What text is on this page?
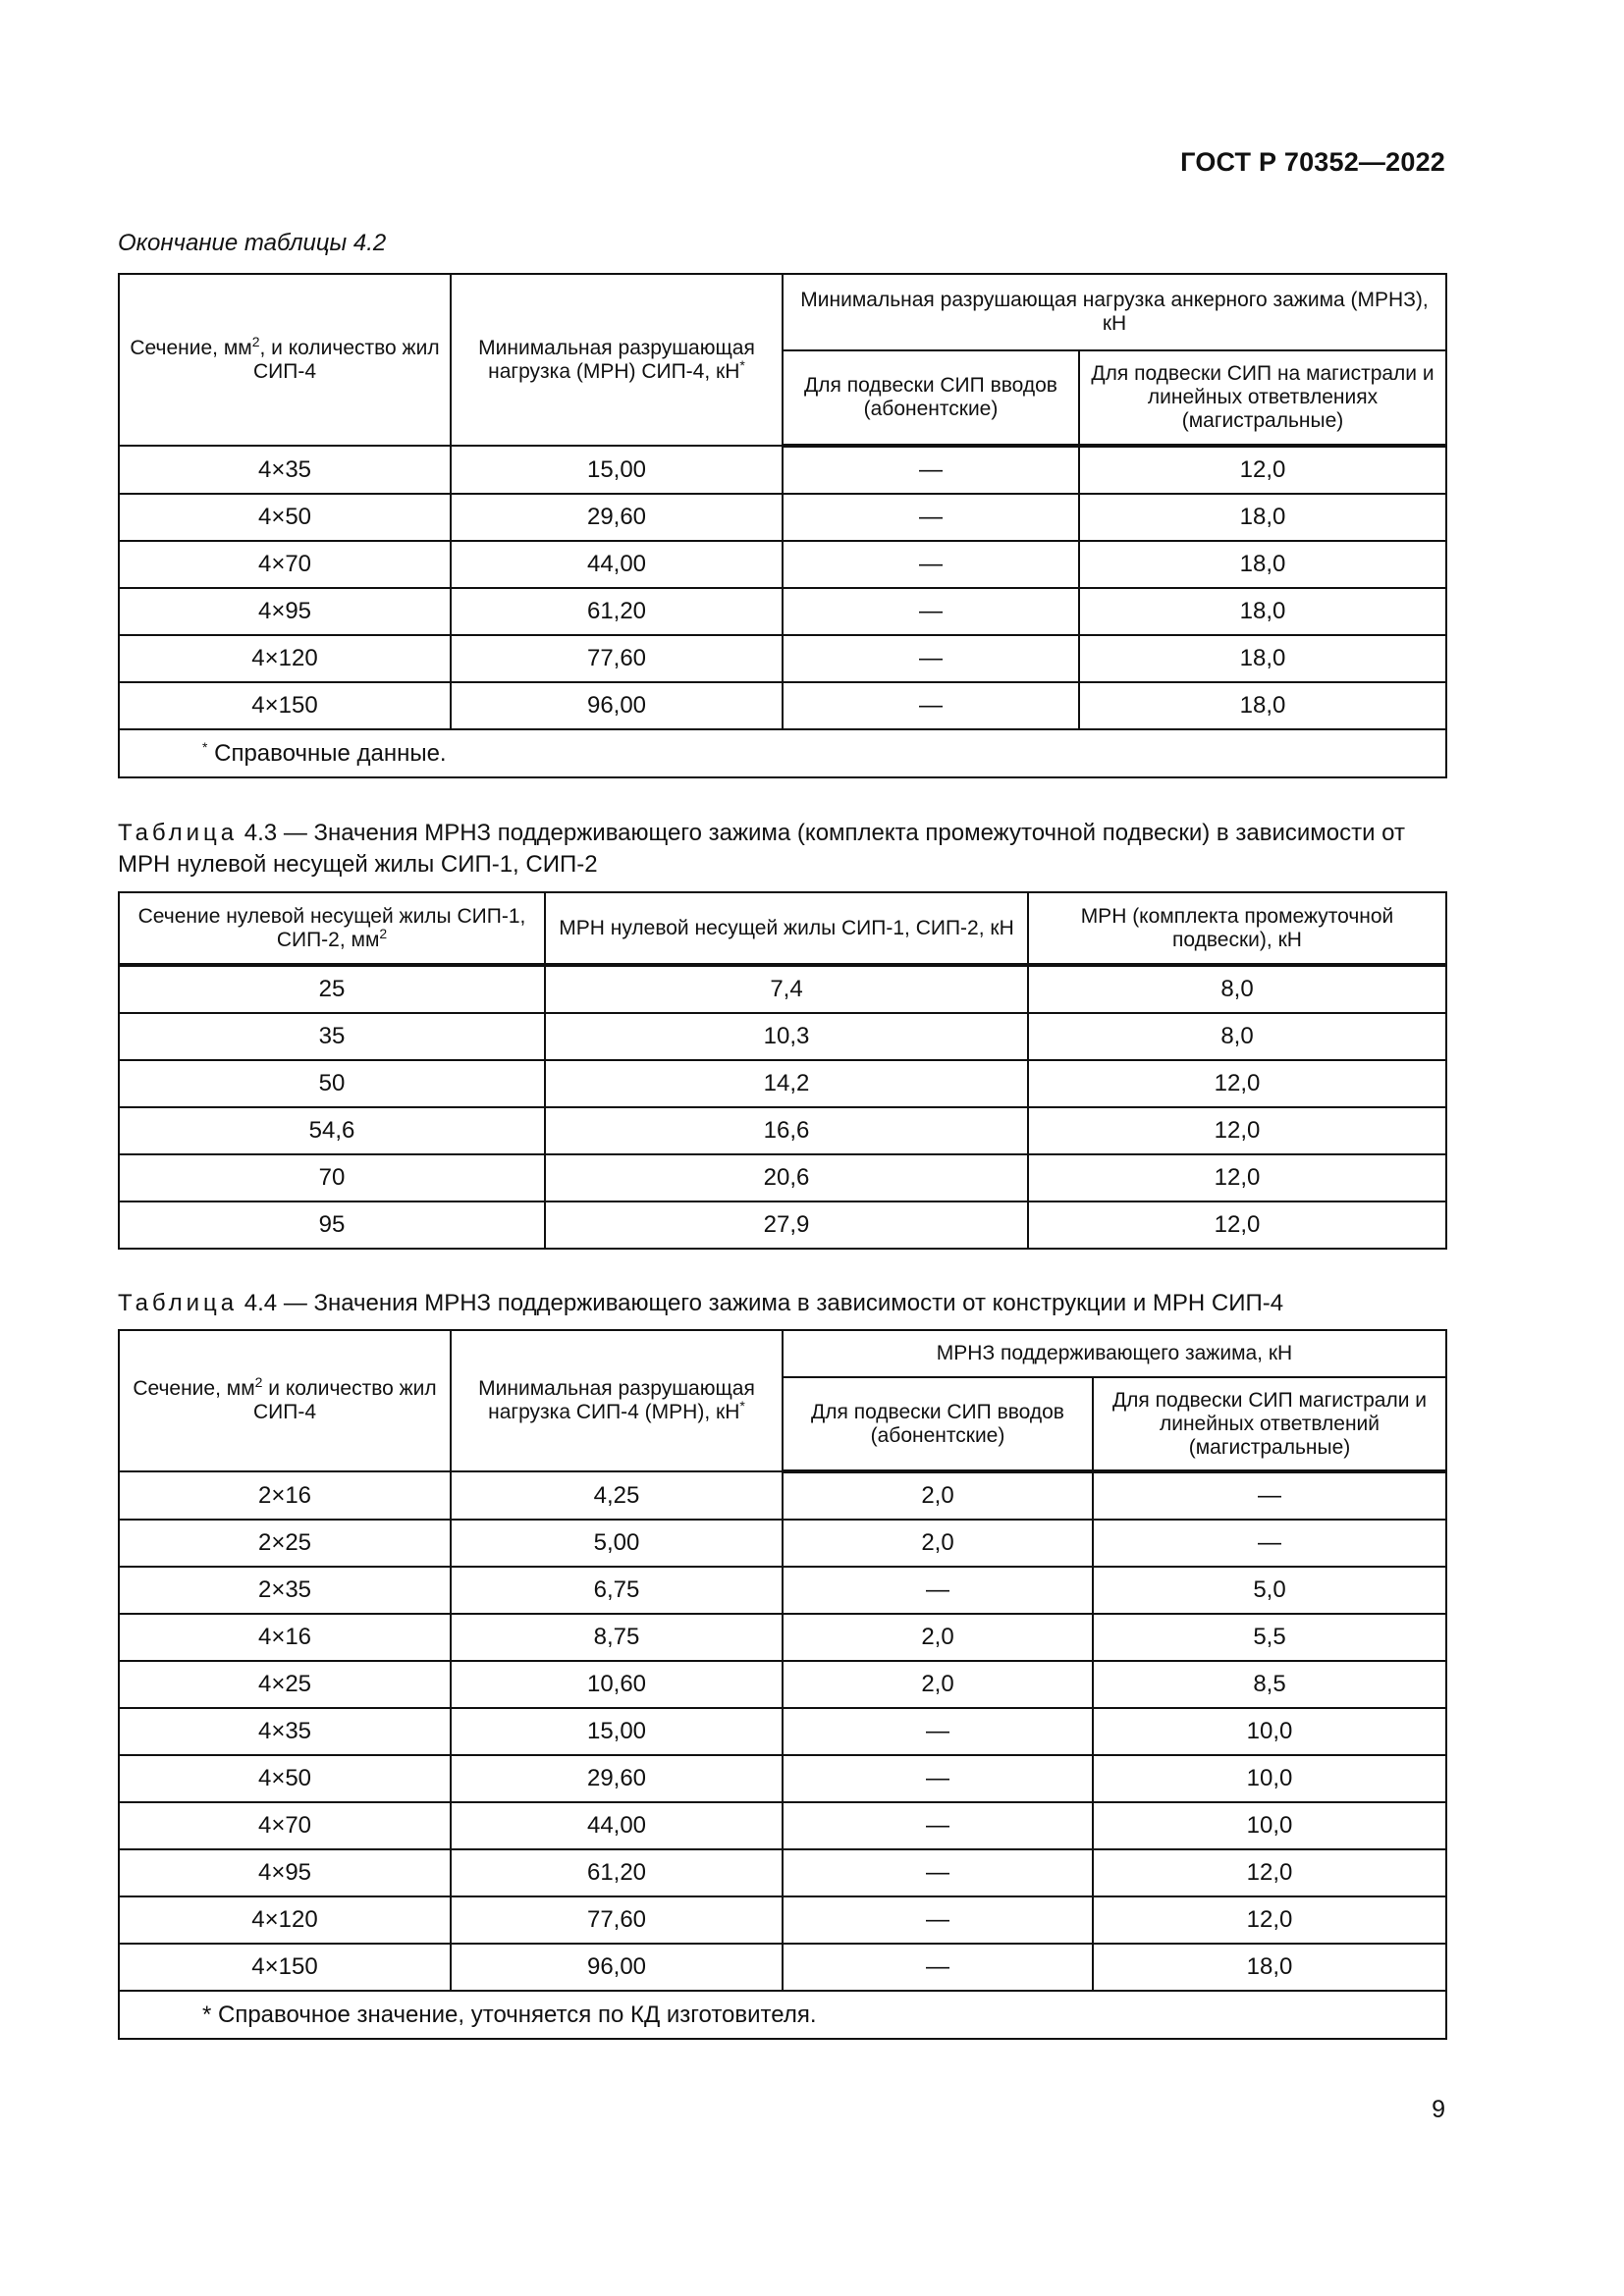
ГОСТ Р 70352—2022
Окончание таблицы 4.2
Сечение, $мм^2$, и количество жил СИП-4	Минимальная разрушающая нагрузка (МРН) СИП-4, кН*	Минимальная разрушающая нагрузка анкерного зажима (МРНЗ), кН	
		Для подвески СИП вводов (абонентские)	Для подвески СИП на магистрали и линейных ответвлениях (магистральные)
4×35	15,00	—	12,0
4×50	29,60	—	18,0
4×70	44,00	—	18,0
4×95	61,20	—	18,0
4×120	77,60	—	18,0
4×150	96,00	—	18,0
* Справочные данные.			
Таблица 4.3 — Значения МРНЗ поддерживающего зажима (комплекта промежуточной подвески) в зависимости от МРН нулевой несущей жилы СИП-1, СИП-2
Сечение нулевой несущей жилы СИП-1, СИП-2, $мм^2$	МРН нулевой несущей жилы СИП-1, СИП-2, кН	МРН (комплекта промежуточной подвески), кН
25	7,4	8,0
35	10,3	8,0
50	14,2	12,0
54,6	16,6	12,0
70	20,6	12,0
95	27,9	12,0
Таблица 4.4 — Значения МРНЗ поддерживающего зажима в зависимости от конструкции и МРН СИП-4
Сечение, $мм^2$ и количество жил СИП-4	Минимальная разрушающая нагрузка СИП-4 (МРН), кН*	МРНЗ поддерживающего зажима, кН	
		Для подвески СИП вводов (абонентские)	Для подвески СИП магистрали и линейных ответвлений (магистральные)
2×16	4,25	2,0	—
2×25	5,00	2,0	—
2×35	6,75	—	5,0
4×16	8,75	2,0	5,5
4×25	10,60	2,0	8,5
4×35	15,00	—	10,0
4×50	29,60	—	10,0
4×70	44,00	—	10,0
4×95	61,20	—	12,0
4×120	77,60	—	12,0
4×150	96,00	—	18,0
* Справочное значение, уточняется по КД изготовителя.			
9
